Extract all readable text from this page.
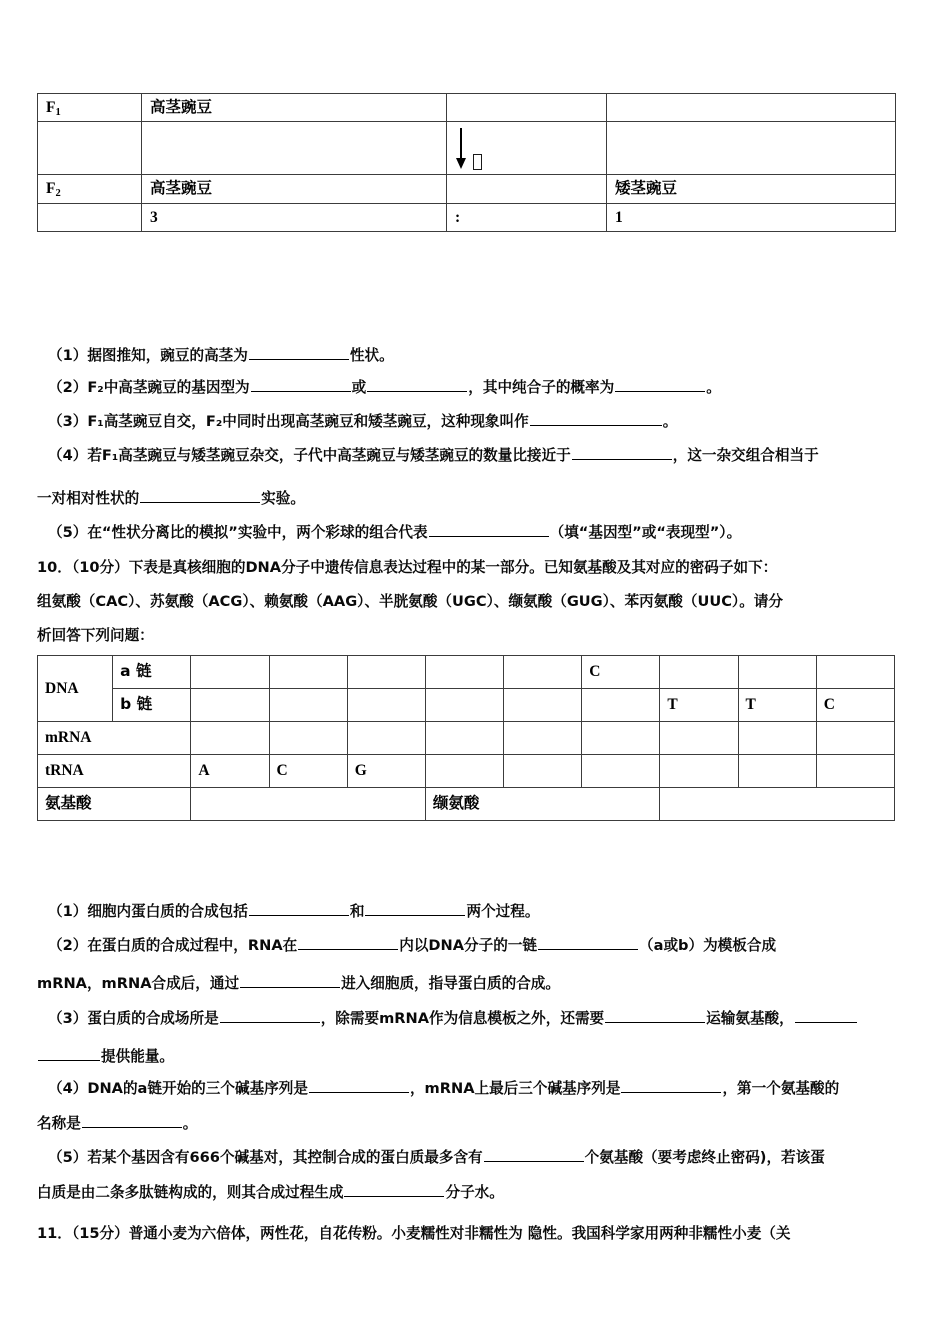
$F_1$	高茎豌豆		

$F_2$	高茎豌豆		矮茎豌豆
	3	:	1
（1）据图推知，豌豆的高茎为	性状。
（2）F₂中高茎豌豆的基因型为	或	，其中纯合子的概率为	。
（3）F₁高茎豌豆自交，F₂中同时出现高茎豌豆和矮茎豌豆，这种现象叫作	。
（4）若F₁高茎豌豆与矮茎豌豆杂交，子代中高茎豌豆与矮茎豌豆的数量比接近于	，这一杂交组合相当于
一对相对性状的	实验。
（5）在“性状分离比的模拟”实验中，两个彩球的组合代表	（填“基因型”或“表现型”）。
10．（10分）下表是真核细胞的DNA分子中遗传信息表达过程中的某一部分。已知氨基酸及其对应的密码子如下：
组氨酸（CAC）、苏氨酸（ACG）、赖氨酸（AAG）、半胱氨酸（UGC）、缬氨酸（GUG）、苯丙氨酸（UUC）。请分
析回答下列问题：
DNA	a 链						C			
	b 链							T	T	C
mRNA										
tRNA		A	C	G						
氨基酸					缬氨酸					
（1）细胞内蛋白质的合成包括	和	两个过程。
（2）在蛋白质的合成过程中，RNA在	内以DNA分子的一链	（a或b）为模板合成
mRNA，mRNA合成后，通过	进入细胞质，指导蛋白质的合成。
（3）蛋白质的合成场所是	，除需要mRNA作为信息模板之外，还需要	运输氨基酸，
提供能量。
（4）DNA的a链开始的三个碱基序列是	，mRNA上最后三个碱基序列是	，第一个氨基酸的
名称是	。
（5）若某个基因含有666个碱基对，其控制合成的蛋白质最多含有	个氨基酸（要考虑终止密码)，若该蛋
白质是由二条多肽链构成的，则其合成过程生成	分子水。
11．（15分）普通小麦为六倍体，两性花，自花传粉。小麦糯性对非糯性为 隐性。我国科学家用两种非糯性小麦（关
